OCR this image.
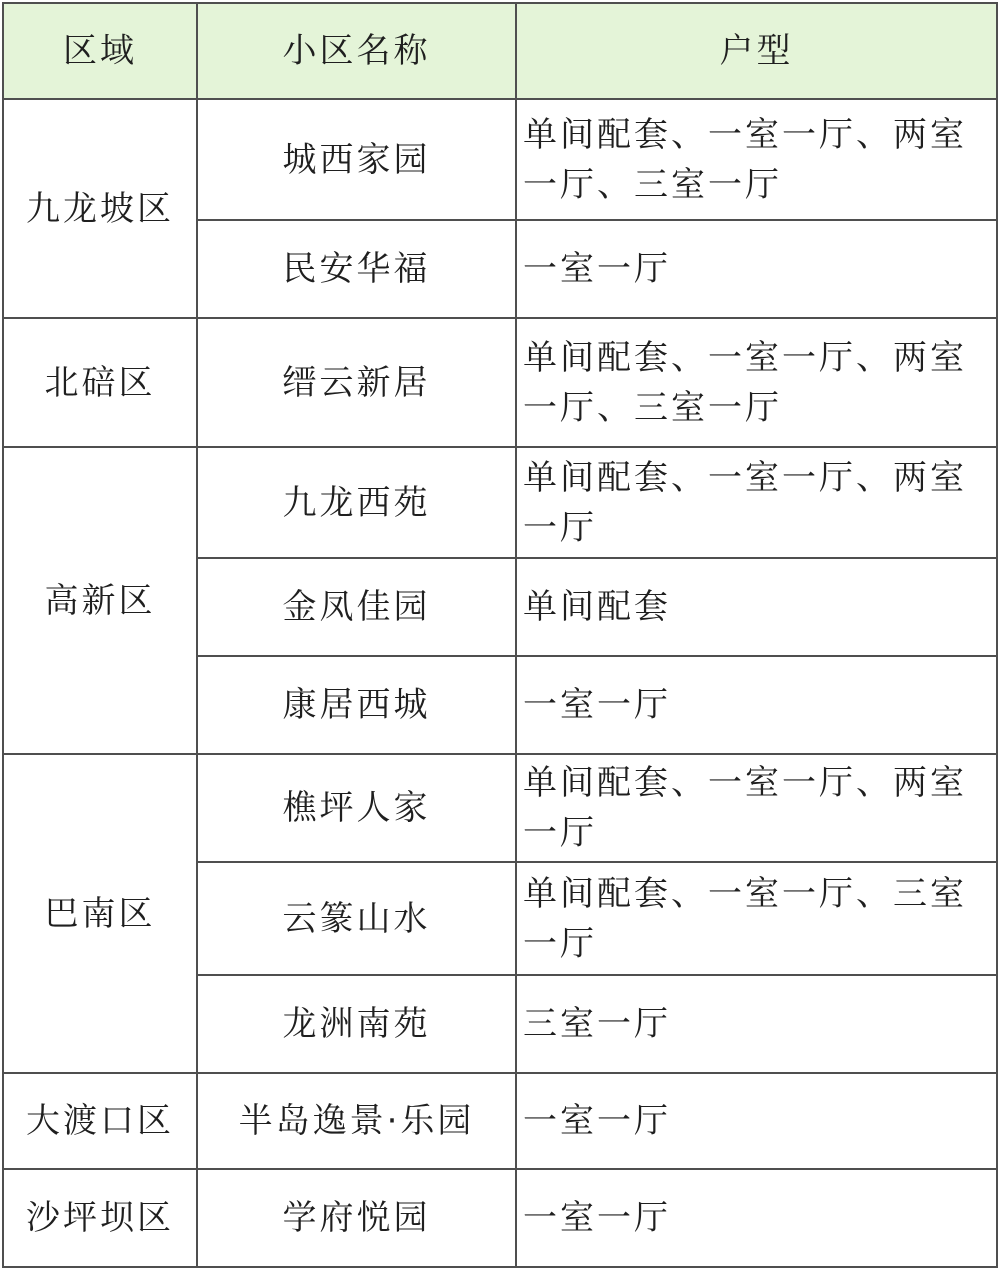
区域	小区名称	户型
九龙坡区	城西家园	单间配套、一室一厅、两室一厅、三室一厅
	民安华福	一室一厅
北碚区	缙云新居	单间配套、一室一厅、两室一厅、三室一厅
高新区	九龙西苑	单间配套、一室一厅、两室一厅
	金凤佳园	单间配套
	康居西城	一室一厅
巴南区	樵坪人家	单间配套、一室一厅、两室一厅
	云篆山水	单间配套、一室一厅、三室一厅
	龙洲南苑	三室一厅
大渡口区	半岛逸景·乐园	一室一厅
沙坪坝区	学府悦园	一室一厅
